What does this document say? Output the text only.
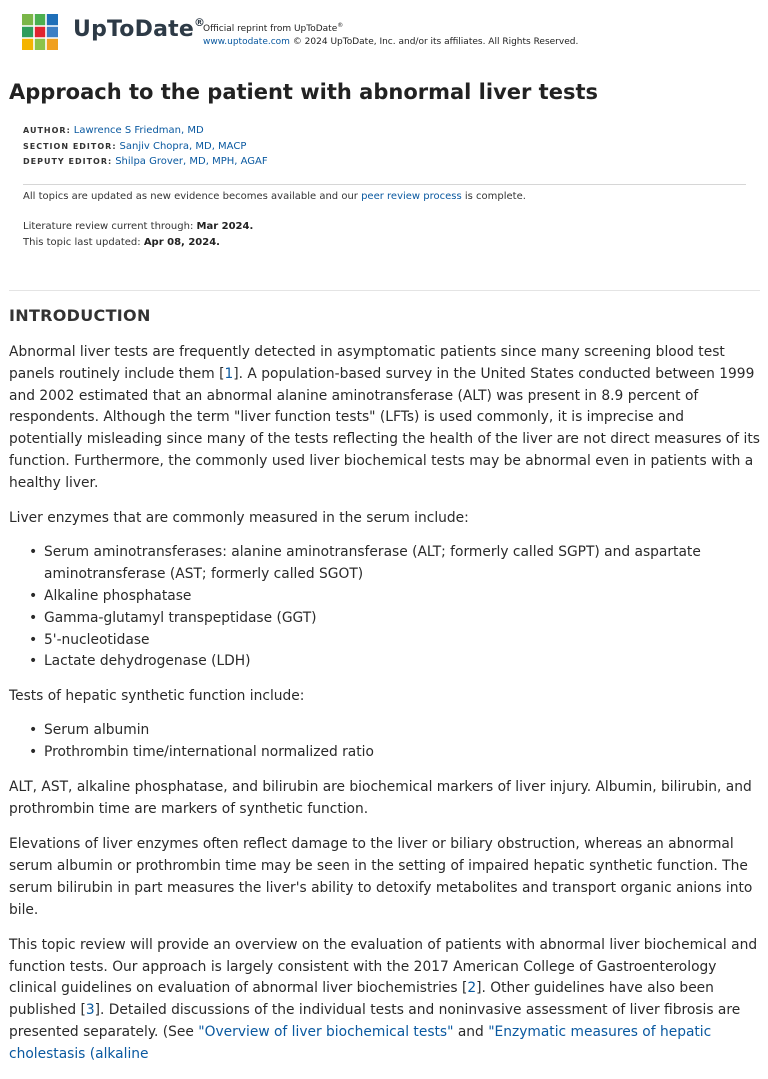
UpToDate®
Official reprint from UpToDate®
www.uptodate.com © 2024 UpToDate, Inc. and/or its affiliates. All Rights Reserved.
Approach to the patient with abnormal liver tests
AUTHOR: Lawrence S Friedman, MD
SECTION EDITOR: Sanjiv Chopra, MD, MACP
DEPUTY EDITOR: Shilpa Grover, MD, MPH, AGAF
All topics are updated as new evidence becomes available and our peer review process is complete.
Literature review current through: Mar 2024.
This topic last updated: Apr 08, 2024.
INTRODUCTION

Abnormal liver tests are frequently detected in asymptomatic patients since many screening blood test panels routinely include them [1]. A population-based survey in the United States conducted between 1999 and 2002 estimated that an abnormal alanine aminotransferase (ALT) was present in 8.9 percent of respondents. Although the term "liver function tests" (LFTs) is used commonly, it is imprecise and potentially misleading since many of the tests reflecting the health of the liver are not direct measures of its function. Furthermore, the commonly used liver biochemical tests may be abnormal even in patients with a healthy liver.

Liver enzymes that are commonly measured in the serum include:

• Serum aminotransferases: alanine aminotransferase (ALT; formerly called SGPT) and aspartate aminotransferase (AST; formerly called SGOT)
• Alkaline phosphatase
• Gamma-glutamyl transpeptidase (GGT)
• 5'-nucleotidase
• Lactate dehydrogenase (LDH)

Tests of hepatic synthetic function include:

• Serum albumin
• Prothrombin time/international normalized ratio

ALT, AST, alkaline phosphatase, and bilirubin are biochemical markers of liver injury. Albumin, bilirubin, and prothrombin time are markers of synthetic function.

Elevations of liver enzymes often reflect damage to the liver or biliary obstruction, whereas an abnormal serum albumin or prothrombin time may be seen in the setting of impaired hepatic synthetic function. The serum bilirubin in part measures the liver's ability to detoxify metabolites and transport organic anions into bile.

This topic review will provide an overview on the evaluation of patients with abnormal liver biochemical and function tests. Our approach is largely consistent with the 2017 American College of Gastroenterology clinical guidelines on evaluation of abnormal liver biochemistries [2]. Other guidelines have also been published [3]. Detailed discussions of the individual tests and noninvasive assessment of liver fibrosis are presented separately. (See "Overview of liver biochemical tests" and "Enzymatic measures of hepatic cholestasis (alkaline
